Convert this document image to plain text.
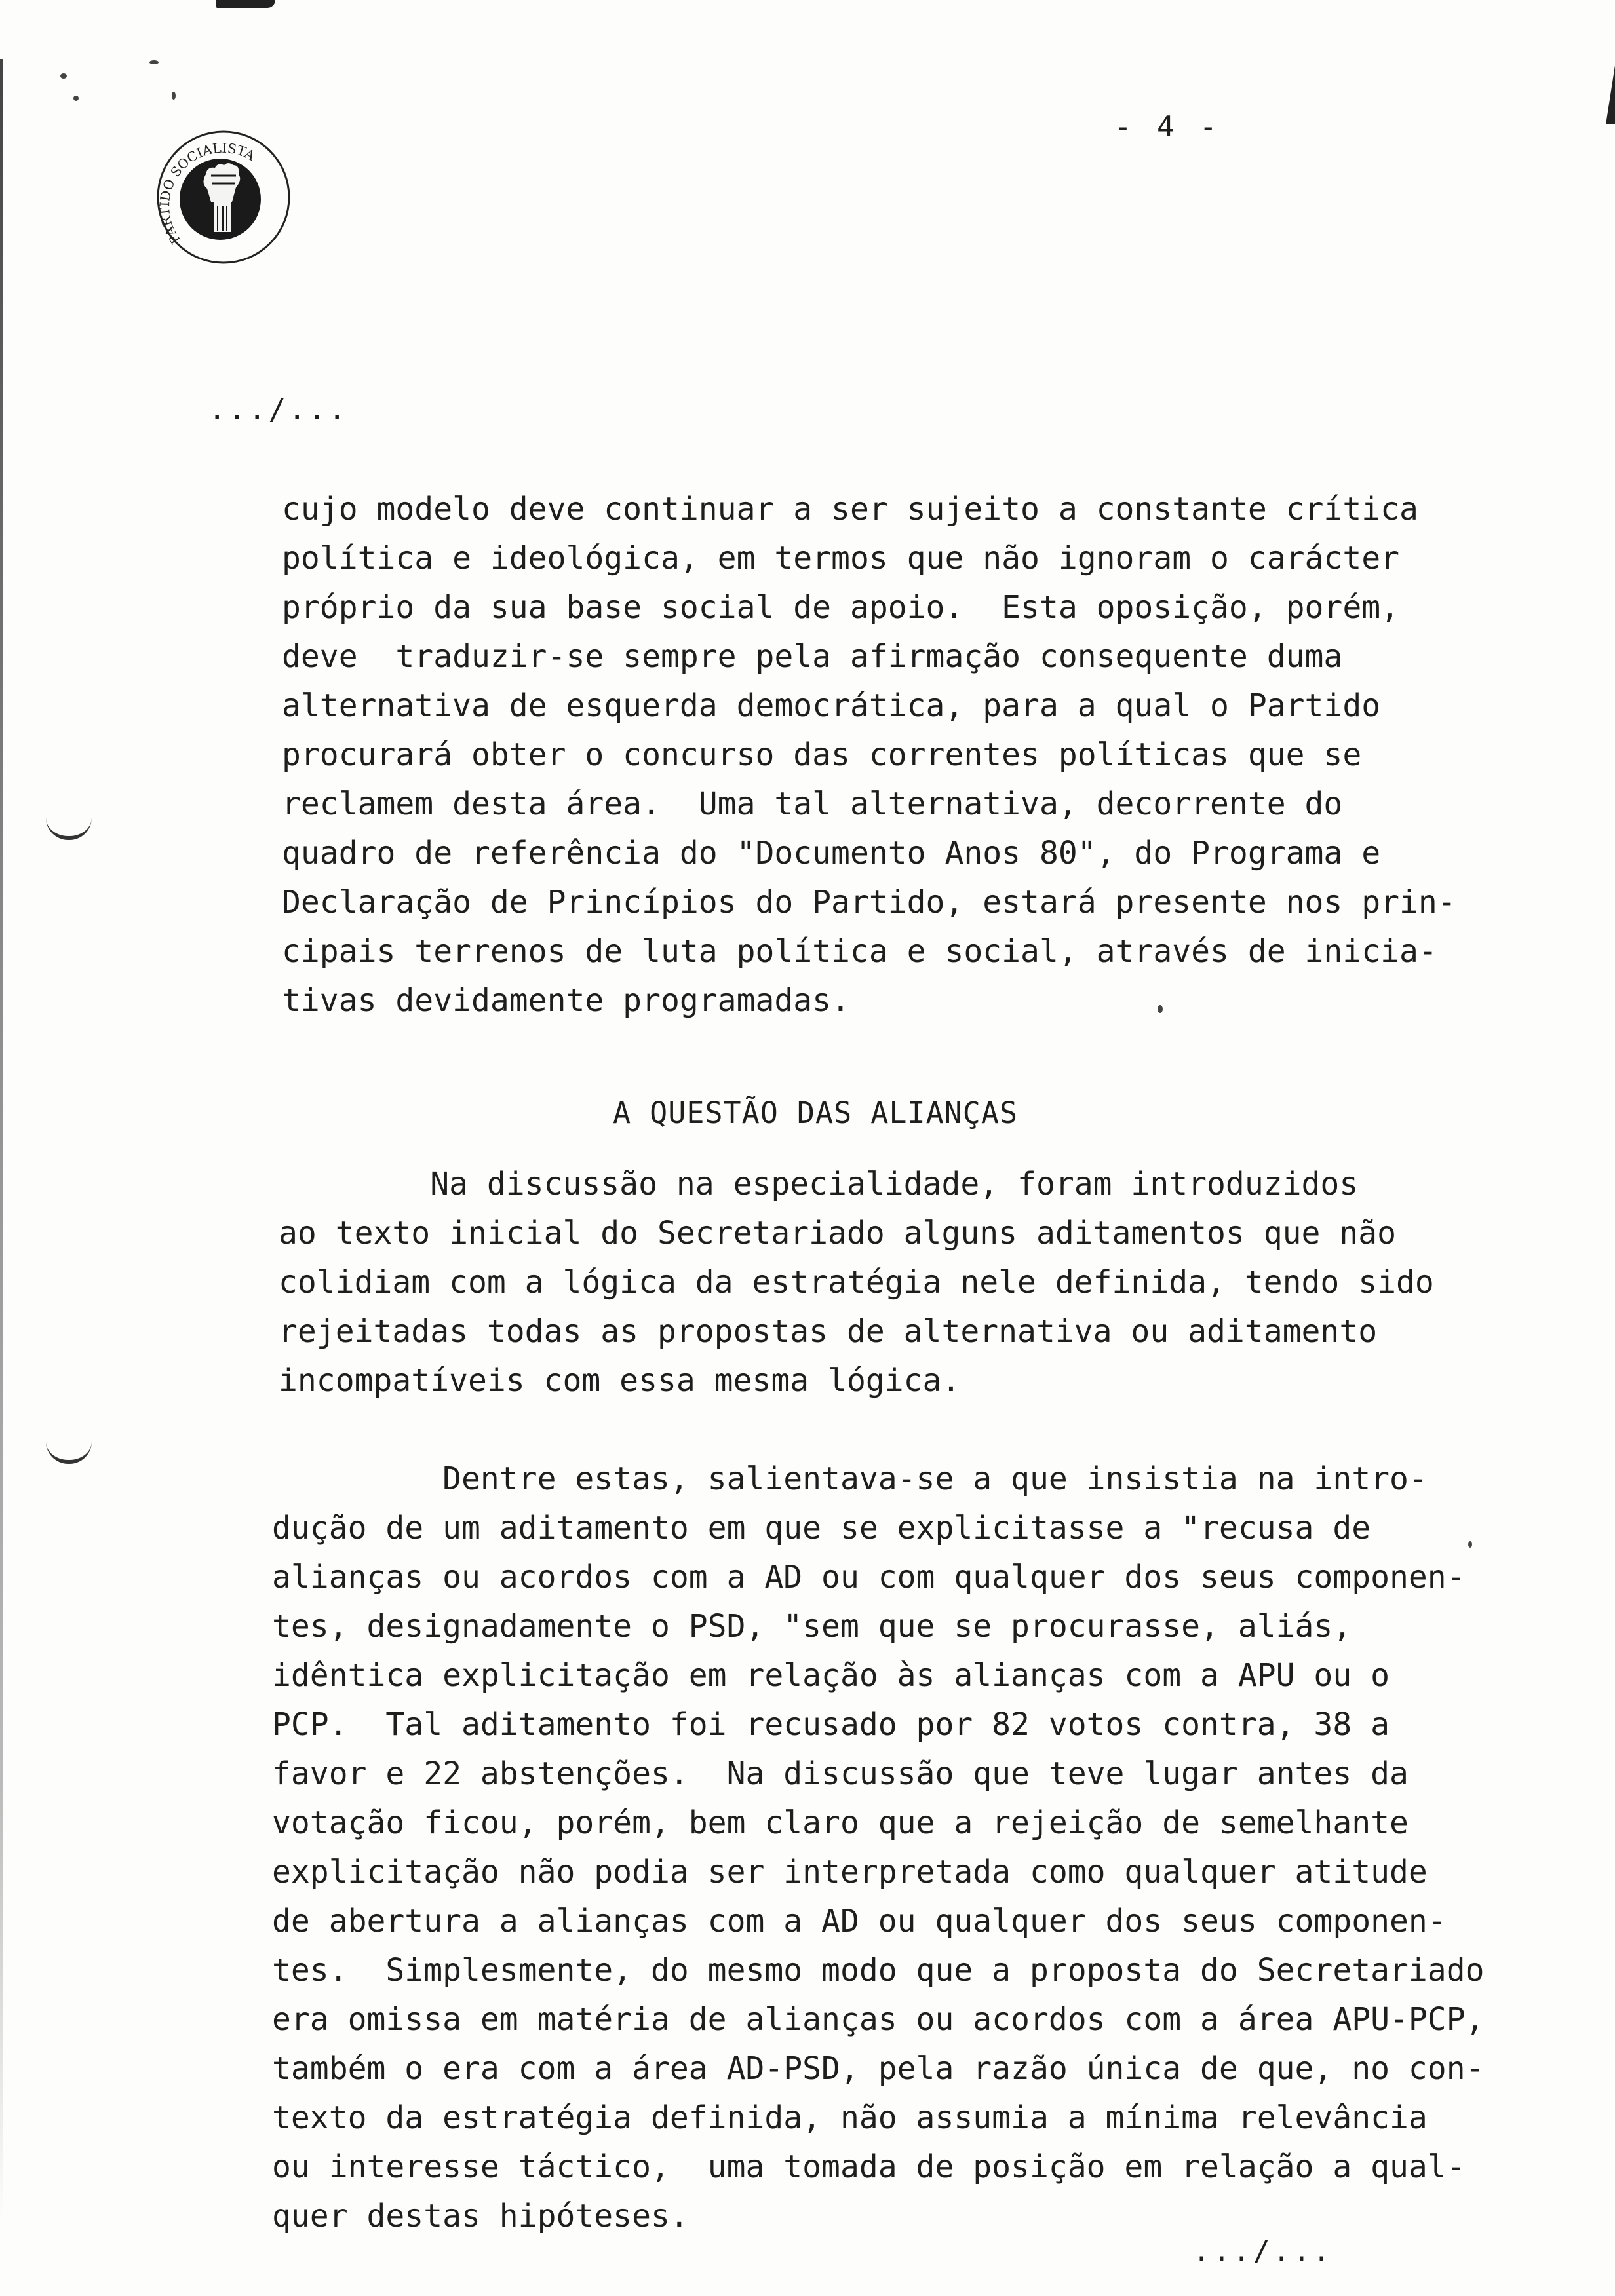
PARTIDO SOCIALISTA
- 4 -
.../...
cujo modelo deve continuar a ser sujeito a constante crítica
política e ideológica, em termos que não ignoram o carácter
próprio da sua base social de apoio.  Esta oposição, porém,
deve  traduzir-se sempre pela afirmação consequente duma
alternativa de esquerda democrática, para a qual o Partido
procurará obter o concurso das correntes políticas que se
reclamem desta área.  Uma tal alternativa, decorrente do
quadro de referência do "Documento Anos 80", do Programa e
Declaração de Princípios do Partido, estará presente nos prin-
cipais terrenos de luta política e social, através de inicia-
tivas devidamente programadas.
A QUESTÃO DAS ALIANÇAS
Na discussão na especialidade, foram introduzidos
ao texto inicial do Secretariado alguns aditamentos que não
colidiam com a lógica da estratégia nele definida, tendo sido
rejeitadas todas as propostas de alternativa ou aditamento
incompatíveis com essa mesma lógica.
Dentre estas, salientava-se a que insistia na intro-
dução de um aditamento em que se explicitasse a "recusa de
alianças ou acordos com a AD ou com qualquer dos seus componen-
tes, designadamente o PSD, "sem que se procurasse, aliás,
idêntica explicitação em relação às alianças com a APU ou o
PCP.  Tal aditamento foi recusado por 82 votos contra, 38 a
favor e 22 abstenções.  Na discussão que teve lugar antes da
votação ficou, porém, bem claro que a rejeição de semelhante
explicitação não podia ser interpretada como qualquer atitude
de abertura a alianças com a AD ou qualquer dos seus componen-
tes.  Simplesmente, do mesmo modo que a proposta do Secretariado
era omissa em matéria de alianças ou acordos com a área APU-PCP,
também o era com a área AD-PSD, pela razão única de que, no con-
texto da estratégia definida, não assumia a mínima relevância
ou interesse táctico,  uma tomada de posição em relação a qual-
quer destas hipóteses.
.../...
